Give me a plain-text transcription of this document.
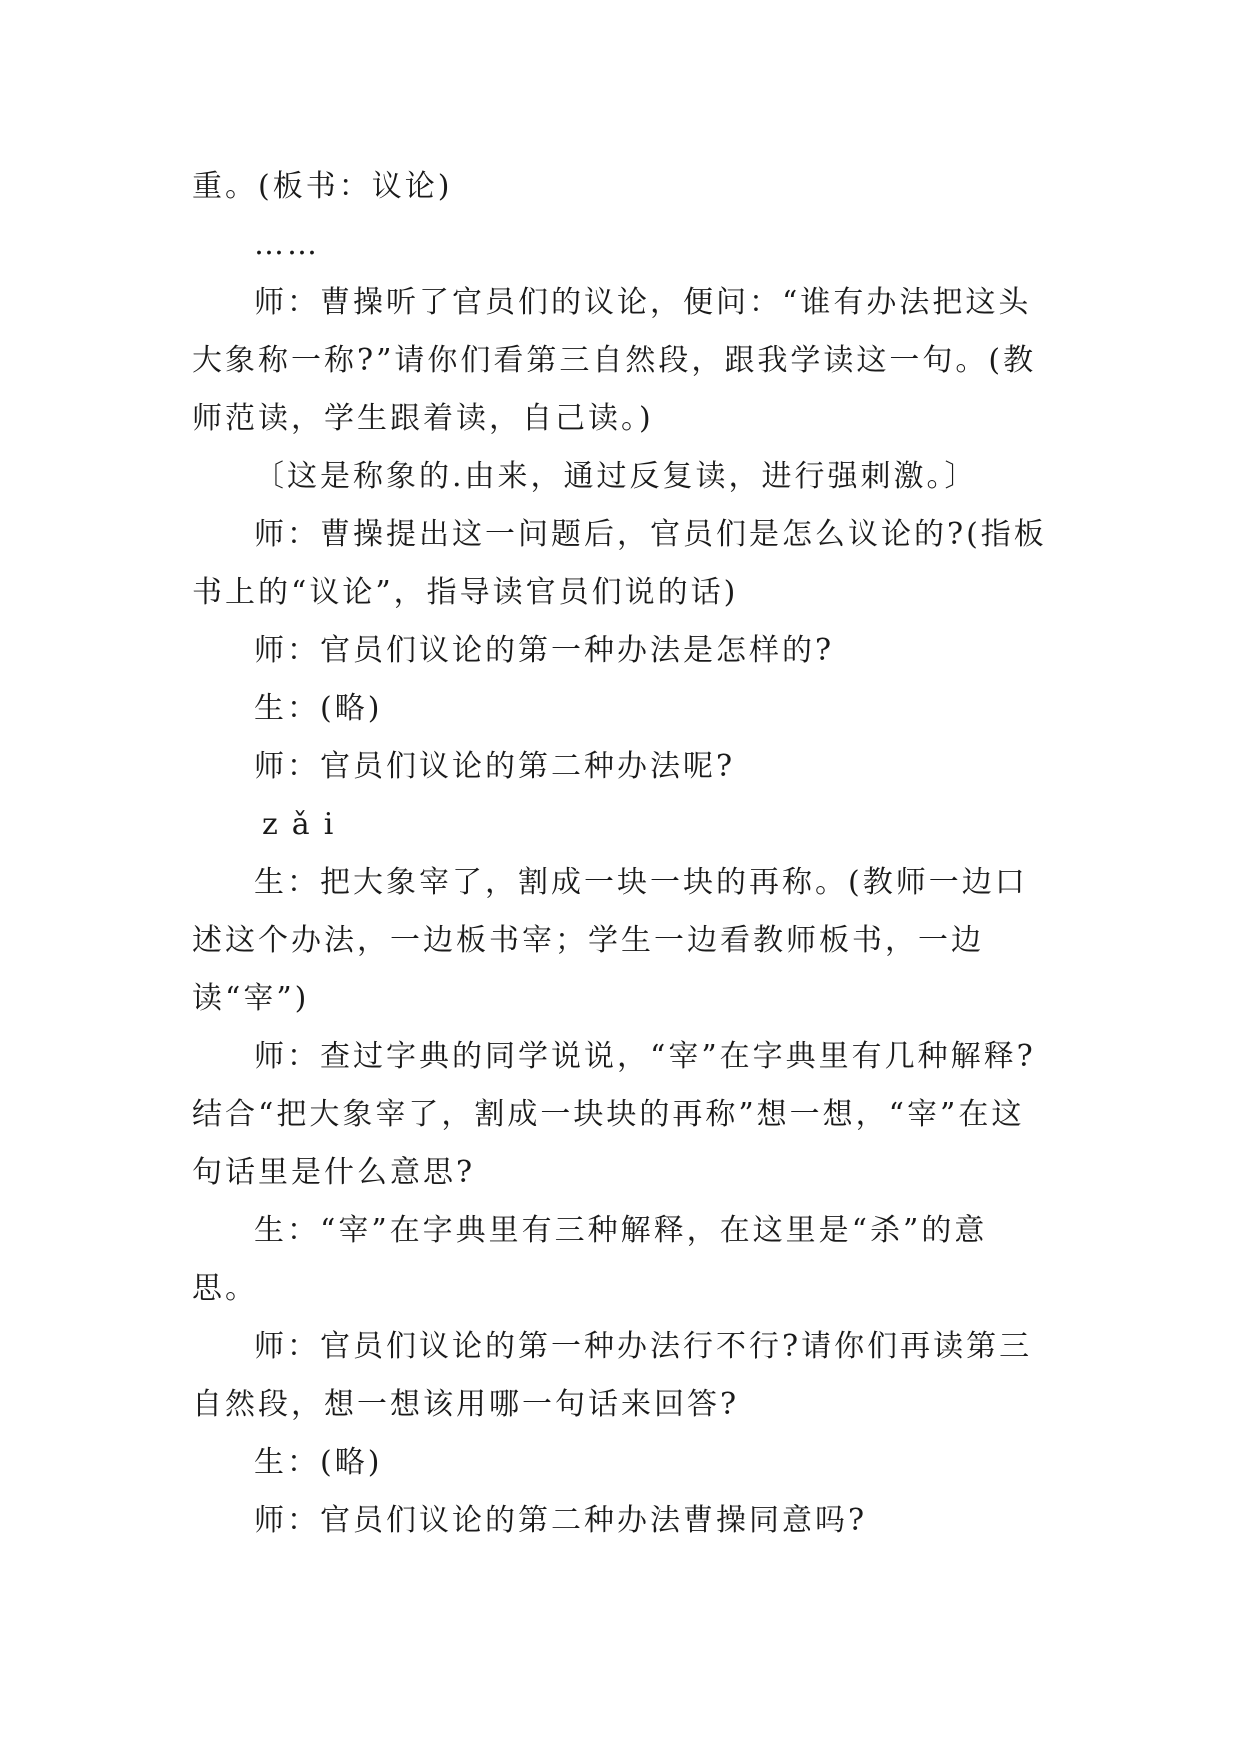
重。(板书：议论)

……

师：曹操听了官员们的议论，便问：“谁有办法把这头大象称一称?”请你们看第三自然段，跟我学读这一句。(教师范读，学生跟着读，自己读。)

〔这是称象的.由来，通过反复读，进行强刺激。〕

师：曹操提出这一问题后，官员们是怎么议论的?(指板书上的“议论”，指导读官员们说的话)

师：官员们议论的第一种办法是怎样的?

生：(略)

师：官员们议论的第二种办法呢?

zǎi

生：把大象宰了，割成一块一块的再称。(教师一边口述这个办法，一边板书宰；学生一边看教师板书，一边读“宰”)

师：查过字典的同学说说，“宰”在字典里有几种解释?结合“把大象宰了，割成一块块的再称”想一想，“宰”在这句话里是什么意思?

生：“宰”在字典里有三种解释，在这里是“杀”的意思。

师：官员们议论的第一种办法行不行?请你们再读第三自然段，想一想该用哪一句话来回答?

生：(略)

师：官员们议论的第二种办法曹操同意吗?
